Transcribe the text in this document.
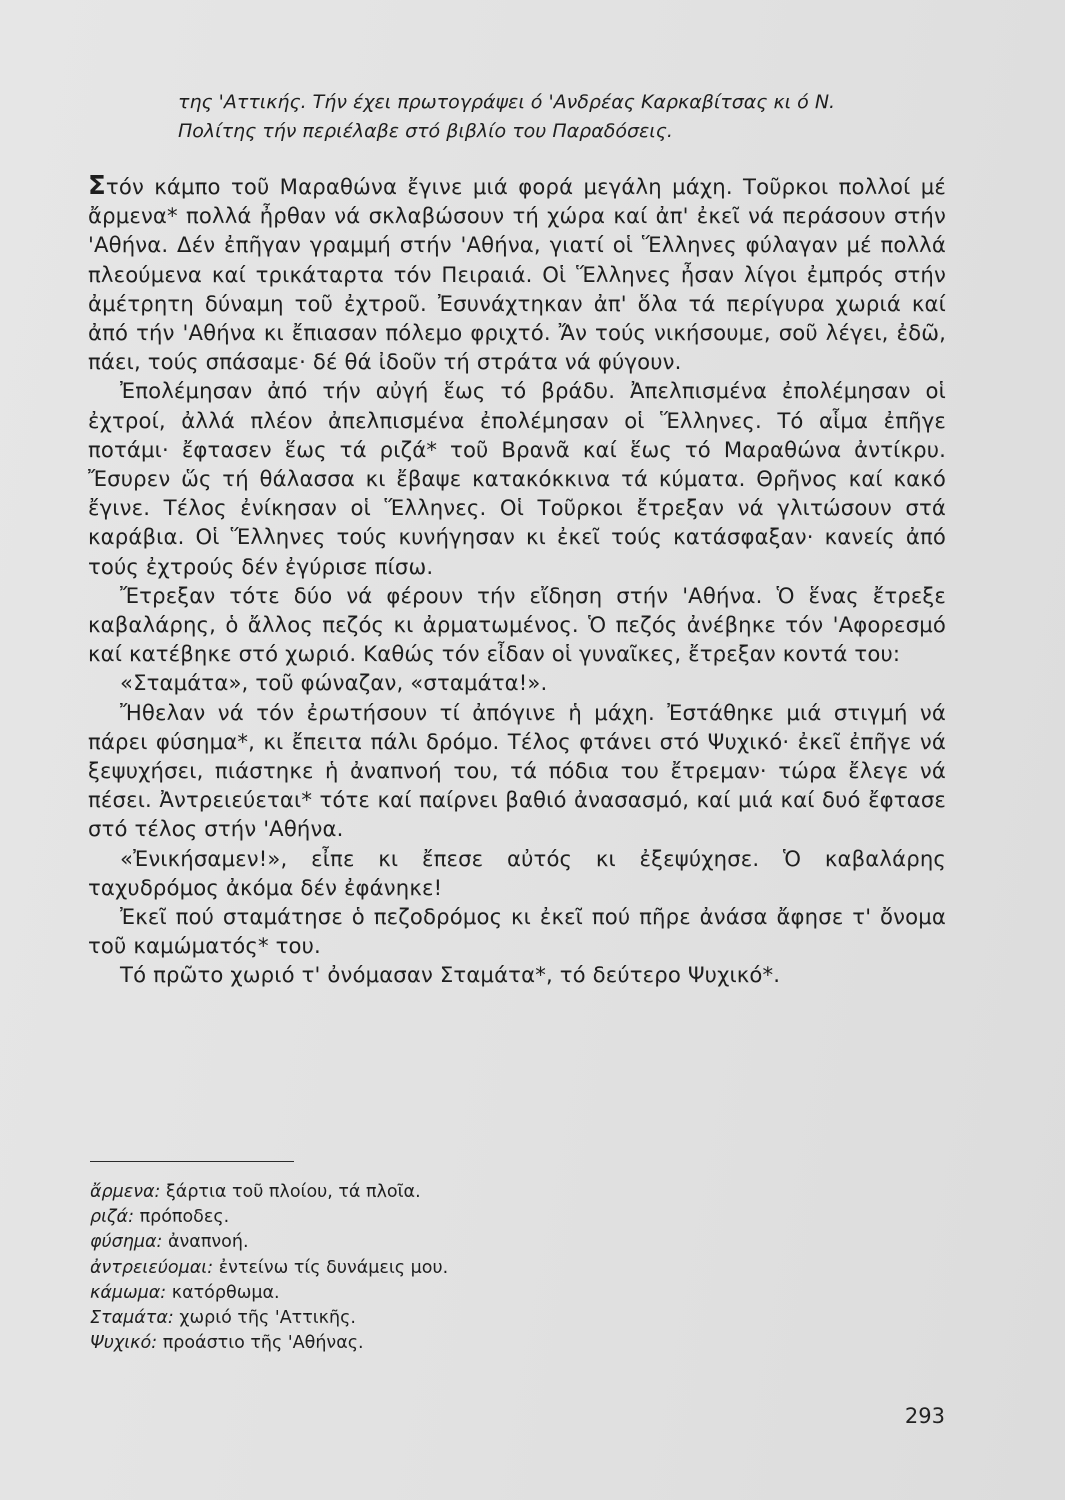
της 'Αττικής. Τήν έχει πρωτογράψει ό 'Ανδρέας Καρκαβίτσας κι ό Ν.

Πολίτης τήν περιέλαβε στό βιβλίο του Παραδόσεις.

Στόν κάμπο τοῦ Μαραθώνα ἔγινε μιά φορά μεγάλη μάχη. Τοῦρκοι πολλοί μέ ἄρμενα* πολλά ἦρθαν νά σκλαβώσουν τή χώρα καί ἀπ' ἐκεῖ νά περάσουν στήν 'Αθήνα. Δέν ἐπῆγαν γραμμή στήν 'Αθήνα, γιατί οἱ Ἕλληνες φύλαγαν μέ πολλά πλεούμενα καί τρικάταρτα τόν Πειραιά. Οἱ Ἕλληνες ἦσαν λίγοι ἐμπρός στήν ἀμέτρητη δύναμη τοῦ ἐχτροῦ. Ἐσυνάχτηκαν ἀπ' ὅλα τά περίγυρα χωριά καί ἀπό τήν 'Αθήνα κι ἔπιασαν πόλεμο φριχτό. Ἄν τούς νικήσουμε, σοῦ λέγει, ἐδῶ, πάει, τούς σπάσαμε· δέ θά ἰδοῦν τή στράτα νά φύγουν.

Ἐπολέμησαν ἀπό τήν αὐγή ἕως τό βράδυ. Ἀπελπισμένα ἐπολέμησαν οἱ ἐχτροί, ἀλλά πλέον ἀπελπισμένα ἐπολέμησαν οἱ Ἕλληνες. Τό αἷμα ἐπῆγε ποτάμι· ἔφτασεν ἕως τά ριζά* τοῦ Βρανᾶ καί ἕως τό Μαραθώνα ἀντίκρυ. Ἔσυρεν ὥς τή θάλασσα κι ἔβαψε κατακόκκινα τά κύματα. Θρῆνος καί κακό ἔγινε. Τέλος ἐνίκησαν οἱ Ἕλληνες. Οἱ Τοῦρκοι ἔτρεξαν νά γλιτώσουν στά καράβια. Οἱ Ἕλληνες τούς κυνήγησαν κι ἐκεῖ τούς κατάσφαξαν· κανείς ἀπό τούς ἐχτρούς δέν ἐγύρισε πίσω.

Ἔτρεξαν τότε δύο νά φέρουν τήν εἴδηση στήν 'Αθήνα. Ὁ ἕνας ἔτρεξε καβαλάρης, ὁ ἄλλος πεζός κι ἀρματωμένος. Ὁ πεζός ἀνέβηκε τόν 'Αφορεσμό καί κατέβηκε στό χωριό. Καθώς τόν εἶδαν οἱ γυναῖκες, ἔτρεξαν κοντά του:

«Σταμάτα», τοῦ φώναζαν, «σταμάτα!».

Ἤθελαν νά τόν ἐρωτήσουν τί ἀπόγινε ἡ μάχη. Ἐστάθηκε μιά στιγμή νά πάρει φύσημα*, κι ἔπειτα πάλι δρόμο. Τέλος φτάνει στό Ψυχικό· ἐκεῖ ἐπῆγε νά ξεψυχήσει, πιάστηκε ἡ ἀναπνοή του, τά πόδια του ἔτρεμαν· τώρα ἔλεγε νά πέσει. Ἀντρειεύεται* τότε καί παίρνει βαθιό ἀνασασμό, καί μιά καί δυό ἔφτασε στό τέλος στήν 'Αθήνα.

«Ἐνικήσαμεν!», εἶπε κι ἔπεσε αὐτός κι ἐξεψύχησε. Ὁ καβαλάρης ταχυδρόμος ἀκόμα δέν ἐφάνηκε!

Ἐκεῖ πού σταμάτησε ὁ πεζοδρόμος κι ἐκεῖ πού πῆρε ἀνάσα ἄφησε τ' ὄνομα τοῦ καμώματός* του.

Τό πρῶτο χωριό τ' ὀνόμασαν Σταμάτα*, τό δεύτερο Ψυχικό*.

ἄρμενα: ξάρτια τοῦ πλοίου, τά πλοῖα.
ριζά: πρόποδες.
φύσημα: ἀναπνοή.
ἀντρειεύομαι: ἐντείνω τίς δυνάμεις μου.
κάμωμα: κατόρθωμα.
Σταμάτα: χωριό τῆς 'Αττικῆς.
Ψυχικό: προάστιο τῆς 'Αθήνας.
293
